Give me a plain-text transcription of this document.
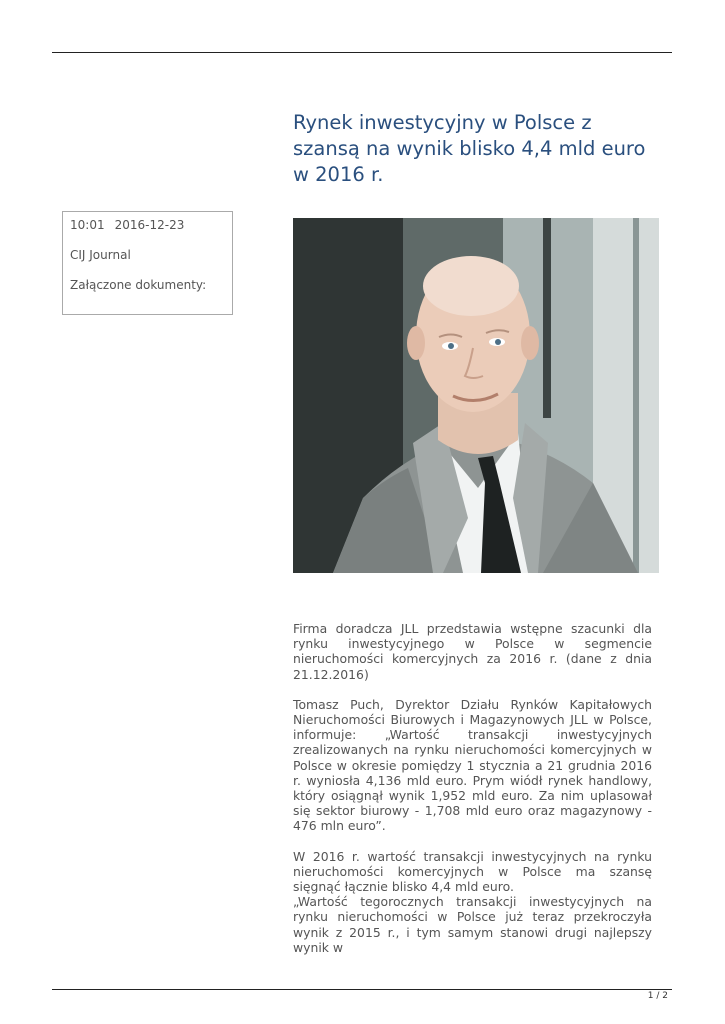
Rynek inwestycyjny w Polsce z szansą na wynik blisko 4,4 mld euro w 2016 r.
10:01 2016-12-23
CIJ Journal
Załączone dokumenty:

Firma doradcza JLL przedstawia wstępne szacunki dla rynku inwestycyjnego w Polsce w segmencie nieruchomości komercyjnych za 2016 r. (dane z dnia 21.12.2016)

Tomasz Puch, Dyrektor Działu Rynków Kapitałowych Nieruchomości Biurowych i Magazynowych JLL w Polsce, informuje: „Wartość transakcji inwestycyjnych zrealizowanych na rynku nieruchomości komercyjnych w Polsce w okresie pomiędzy 1 stycznia a 21 grudnia 2016 r. wyniosła 4,136 mld euro. Prym wiódł rynek handlowy, który osiągnął wynik 1,952 mld euro. Za nim uplasował się sektor biurowy - 1,708 mld euro oraz magazynowy - 476 mln euro”.

W 2016 r. wartość transakcji inwestycyjnych na rynku nieruchomości komercyjnych w Polsce ma szansę sięgnąć łącznie blisko 4,4 mld euro.

„Wartość tegorocznych transakcji inwestycyjnych na rynku nieruchomości w Polsce już teraz przekroczyła wynik z 2015 r., i tym samym stanowi drugi najlepszy wynik w

1 / 2
